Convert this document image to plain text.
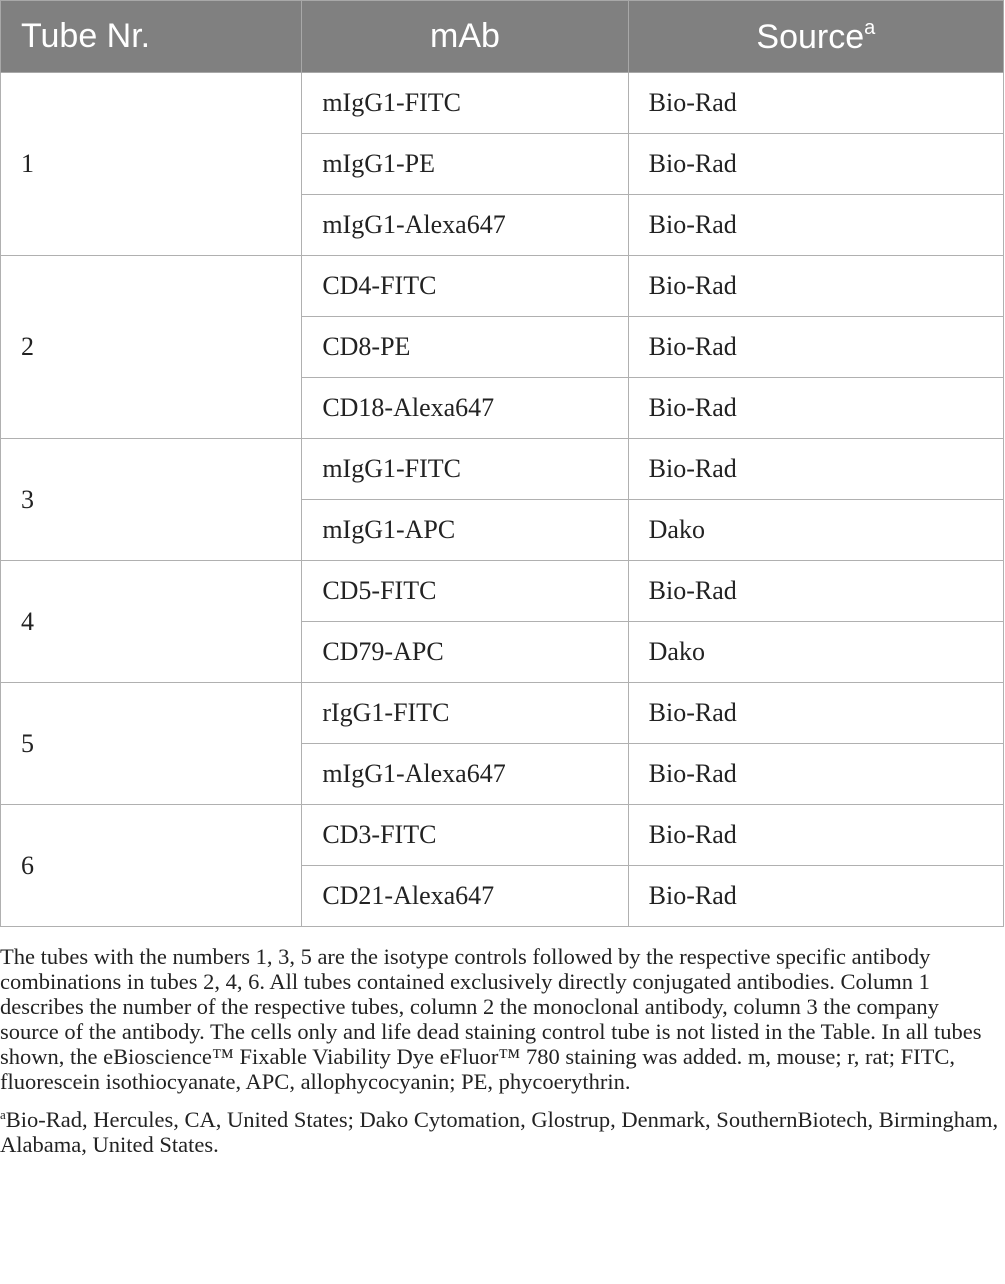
Tube Nr.	mAb	Source$^a$
1	mIgG1-FITC	Bio-Rad
	mIgG1-PE	Bio-Rad
	mIgG1-Alexa647	Bio-Rad
2	CD4-FITC	Bio-Rad
	CD8-PE	Bio-Rad
	CD18-Alexa647	Bio-Rad
3	mIgG1-FITC	Bio-Rad
	mIgG1-APC	Dako
4	CD5-FITC	Bio-Rad
	CD79-APC	Dako
5	rIgG1-FITC	Bio-Rad
	mIgG1-Alexa647	Bio-Rad
6	CD3-FITC	Bio-Rad
	CD21-Alexa647	Bio-Rad

The tubes with the numbers 1, 3, 5 are the isotype controls followed by the respective specific antibody combinations in tubes 2, 4, 6. All tubes contained exclusively directly conjugated antibodies. Column 1 describes the number of the respective tubes, column 2 the monoclonal antibody, column 3 the company source of the antibody. The cells only and life dead staining control tube is not listed in the Table. In all tubes shown, the eBioscience™ Fixable Viability Dye eFluor™ 780 staining was added. m, mouse; r, rat; FITC, fluorescein isothiocyanate, APC, allophycocyanin; PE, phycoerythrin.

$^a$Bio-Rad, Hercules, CA, United States; Dako Cytomation, Glostrup, Denmark, SouthernBiotech, Birmingham, Alabama, United States.
